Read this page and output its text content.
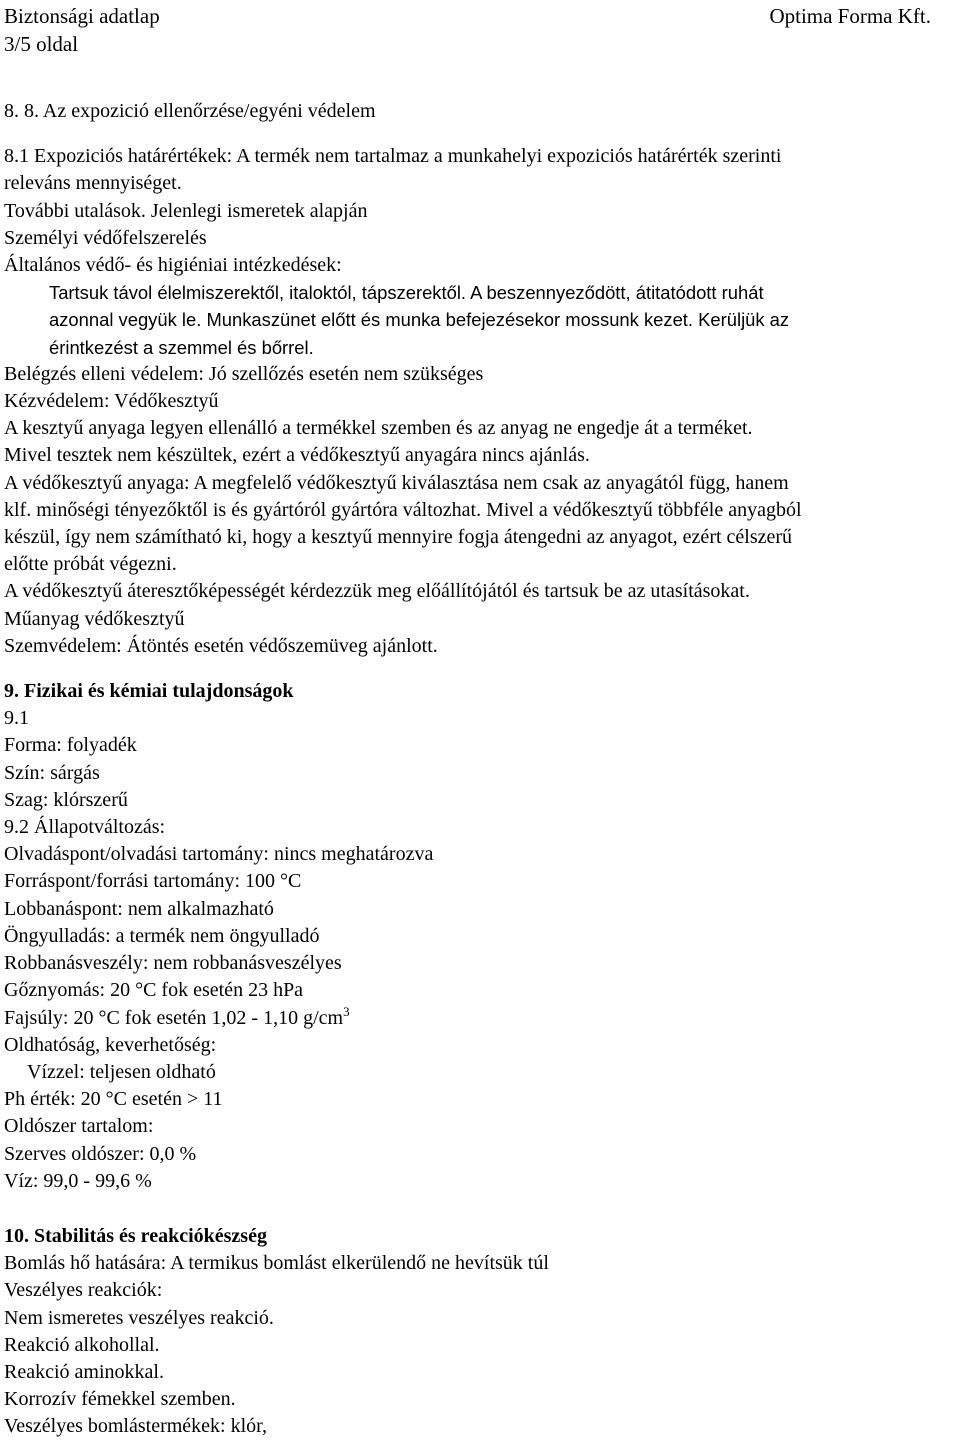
Biztonsági adatlap
3/5 oldal
Optima Forma Kft.

8. 8. Az expozició ellenőrzése/egyéni védelem

8.1 Expoziciós határértékek: A termék nem tartalmaz a munkahelyi expoziciós határérték szerinti

releváns mennyiséget.

További utalások. Jelenlegi ismeretek alapján

Személyi védőfelszerelés

Általános védő- és higiéniai intézkedések:

Tartsuk távol élelmiszerektől, italoktól, tápszerektől. A beszennyeződött, átitatódott ruhát

azonnal vegyük le. Munkaszünet előtt és munka befejezésekor mossunk kezet. Kerüljük az

érintkezést a szemmel és bőrrel.

Belégzés elleni védelem: Jó szellőzés esetén nem szükséges

Kézvédelem: Védőkesztyű

A kesztyű anyaga legyen ellenálló a termékkel szemben és az anyag ne engedje át a terméket.

Mivel tesztek nem készültek, ezért a védőkesztyű anyagára nincs ajánlás.

A védőkesztyű anyaga: A megfelelő védőkesztyű kiválasztása nem csak az anyagától függ, hanem

klf. minőségi tényezőktől is és gyártóról gyártóra változhat. Mivel a védőkesztyű többféle anyagból

készül, így nem számítható ki, hogy a kesztyű mennyire fogja átengedni az anyagot, ezért célszerű

előtte próbát végezni.

A védőkesztyű áteresztőképességét kérdezzük meg előállítójától és tartsuk be az utasításokat.

Műanyag védőkesztyű

Szemvédelem: Átöntés esetén védőszemüveg ajánlott.

9. Fizikai és kémiai tulajdonságok

9.1

Forma: folyadék

Szín: sárgás

Szag: klórszerű

9.2 Állapotváltozás:

Olvadáspont/olvadási tartomány: nincs meghatározva

Forráspont/forrási tartomány: 100 °C

Lobbanáspont: nem alkalmazható

Öngyulladás: a termék nem öngyulladó

Robbanásveszély: nem robbanásveszélyes

Gőznyomás: 20 °C fok esetén 23 hPa

Fajsúly: 20 °C fok esetén 1,02 - 1,10 $g/cm^3$

Oldhatóság, keverhetőség:

Vízzel: teljesen oldható

Ph érték: 20 °C esetén > 11

Oldószer tartalom:

Szerves oldószer: 0,0 %

Víz: 99,0 - 99,6 %

10. Stabilitás és reakciókészség

Bomlás hő hatására: A termikus bomlást elkerülendő ne hevítsük túl

Veszélyes reakciók:

Nem ismeretes veszélyes reakció.

Reakció alkohollal.

Reakció aminokkal.

Korrozív fémekkel szemben.

Veszélyes bomlástermékek: klór,
